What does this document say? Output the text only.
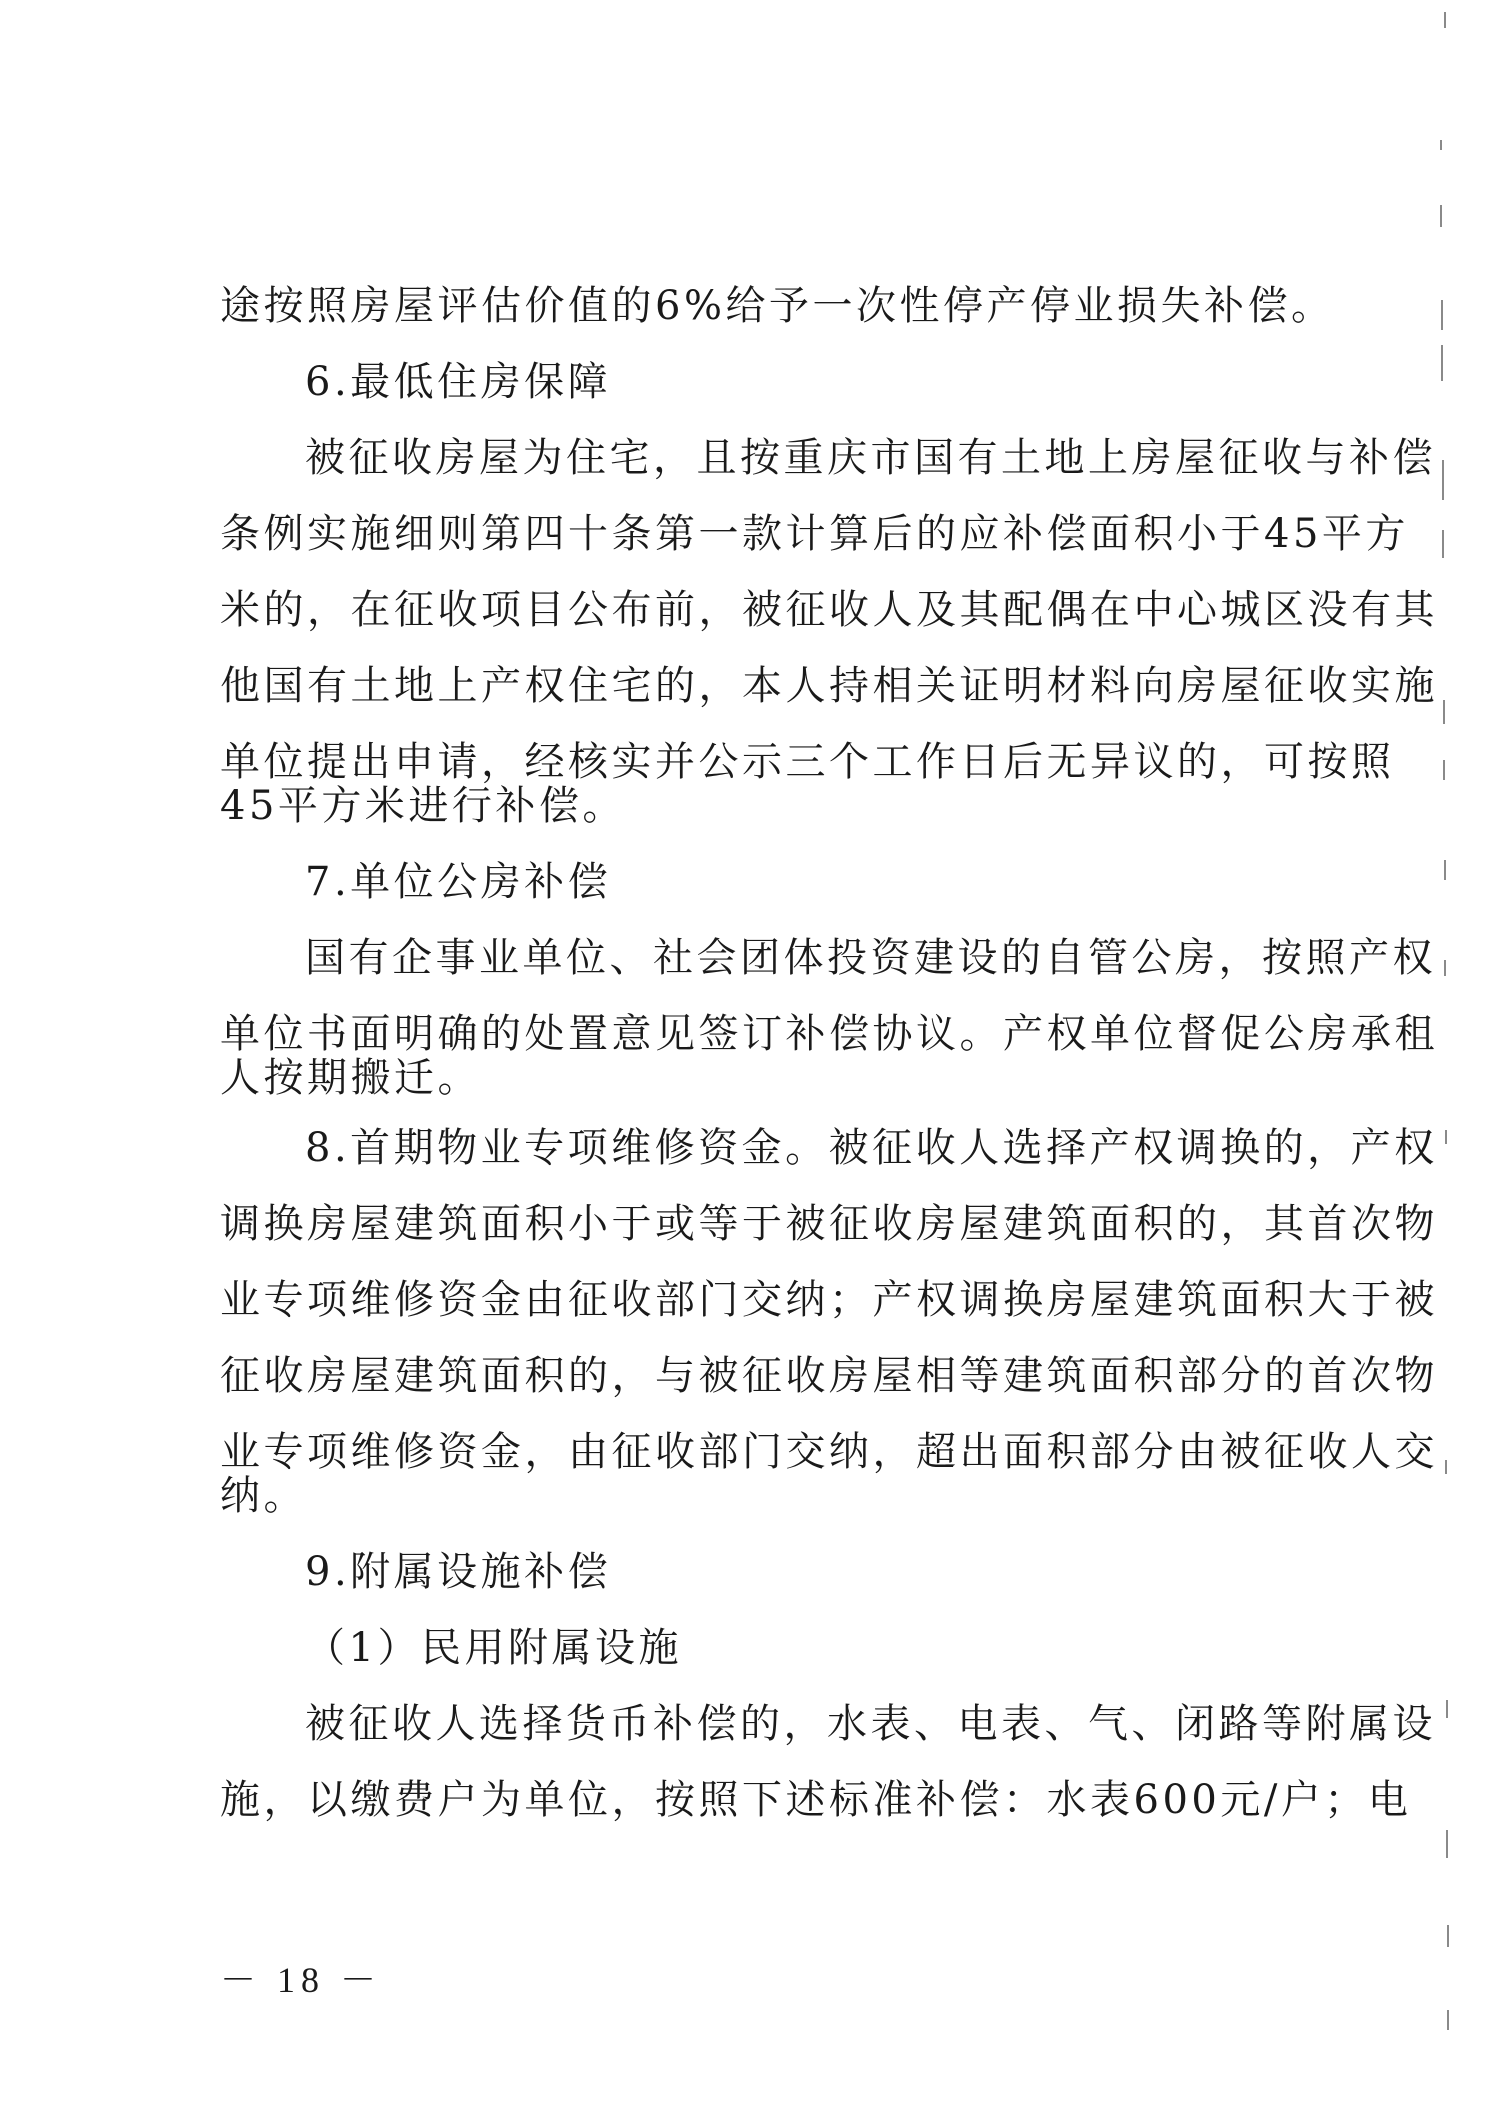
途按照房屋评估价值的6%给予一次性停产停业损失补偿。
6.最低住房保障
被征收房屋为住宅，且按重庆市国有土地上房屋征收与补偿
条例实施细则第四十条第一款计算后的应补偿面积小于45平方
米的，在征收项目公布前，被征收人及其配偶在中心城区没有其
他国有土地上产权住宅的，本人持相关证明材料向房屋征收实施
单位提出申请，经核实并公示三个工作日后无异议的，可按照
45平方米进行补偿。
7.单位公房补偿
国有企事业单位、社会团体投资建设的自管公房，按照产权
单位书面明确的处置意见签订补偿协议。产权单位督促公房承租
人按期搬迁。
8.首期物业专项维修资金。被征收人选择产权调换的，产权
调换房屋建筑面积小于或等于被征收房屋建筑面积的，其首次物
业专项维修资金由征收部门交纳；产权调换房屋建筑面积大于被
征收房屋建筑面积的，与被征收房屋相等建筑面积部分的首次物
业专项维修资金，由征收部门交纳，超出面积部分由被征收人交
纳。
9.附属设施补偿
（1）民用附属设施
被征收人选择货币补偿的，水表、电表、气、闭路等附属设
施，以缴费户为单位，按照下述标准补偿：水表600元/户；电
－ 18 －
